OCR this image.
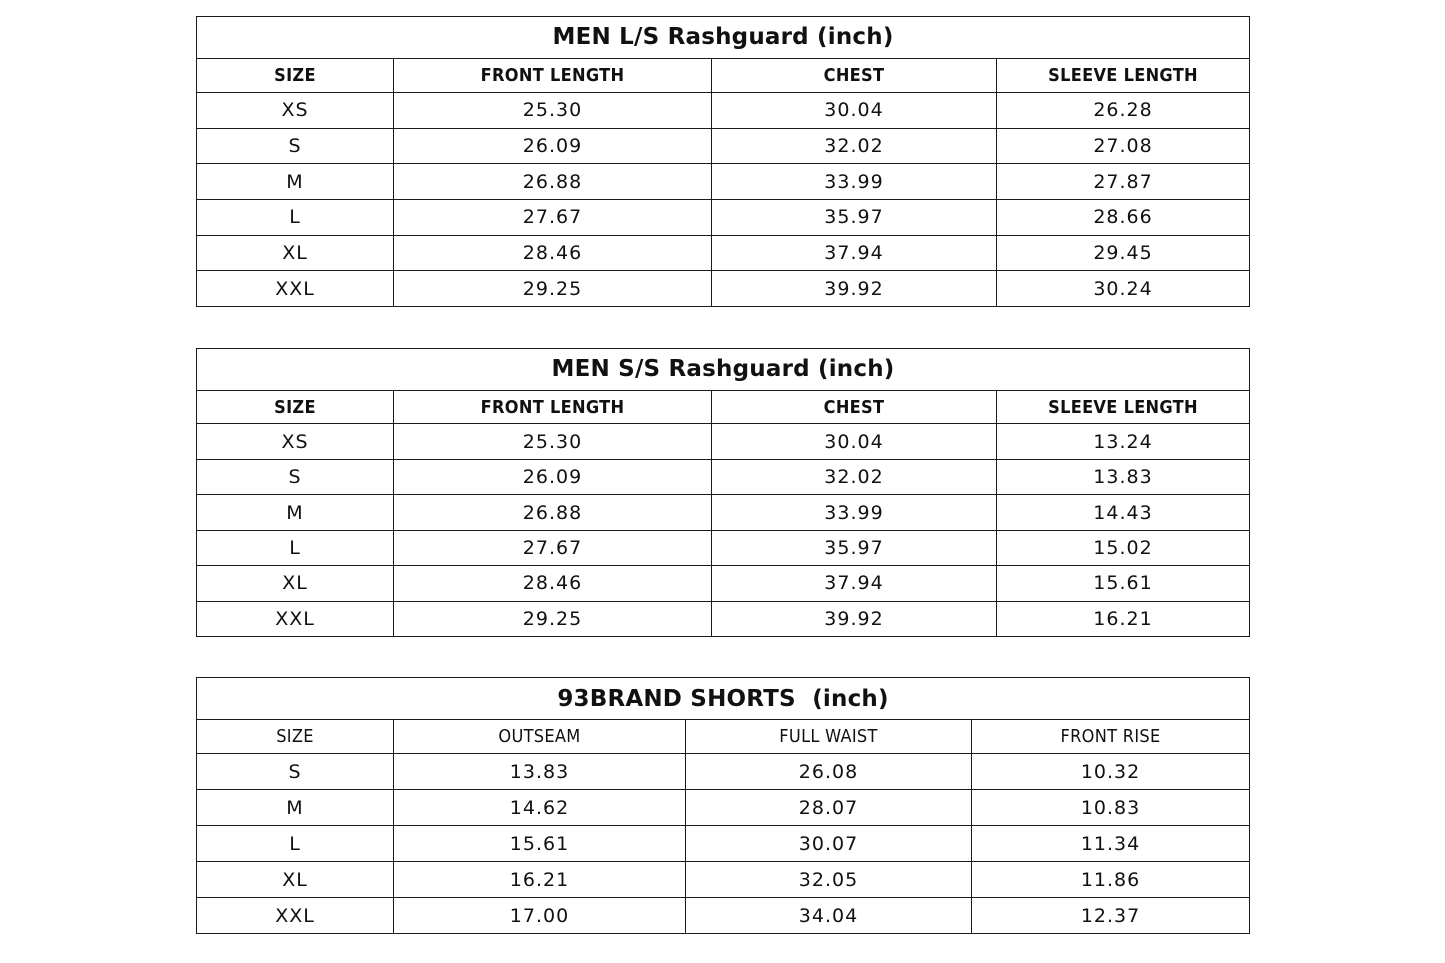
MEN L/S Rashguard (inch)			
SIZE	FRONT LENGTH	CHEST	SLEEVE LENGTH
XS	25.30	30.04	26.28
S	26.09	32.02	27.08
M	26.88	33.99	27.87
L	27.67	35.97	28.66
XL	28.46	37.94	29.45
XXL	29.25	39.92	30.24
MEN S/S Rashguard (inch)			
SIZE	FRONT LENGTH	CHEST	SLEEVE LENGTH
XS	25.30	30.04	13.24
S	26.09	32.02	13.83
M	26.88	33.99	14.43
L	27.67	35.97	15.02
XL	28.46	37.94	15.61
XXL	29.25	39.92	16.21
93BRAND SHORTS  (inch)			
SIZE	OUTSEAM	FULL WAIST	FRONT RISE
S	13.83	26.08	10.32
M	14.62	28.07	10.83
L	15.61	30.07	11.34
XL	16.21	32.05	11.86
XXL	17.00	34.04	12.37
